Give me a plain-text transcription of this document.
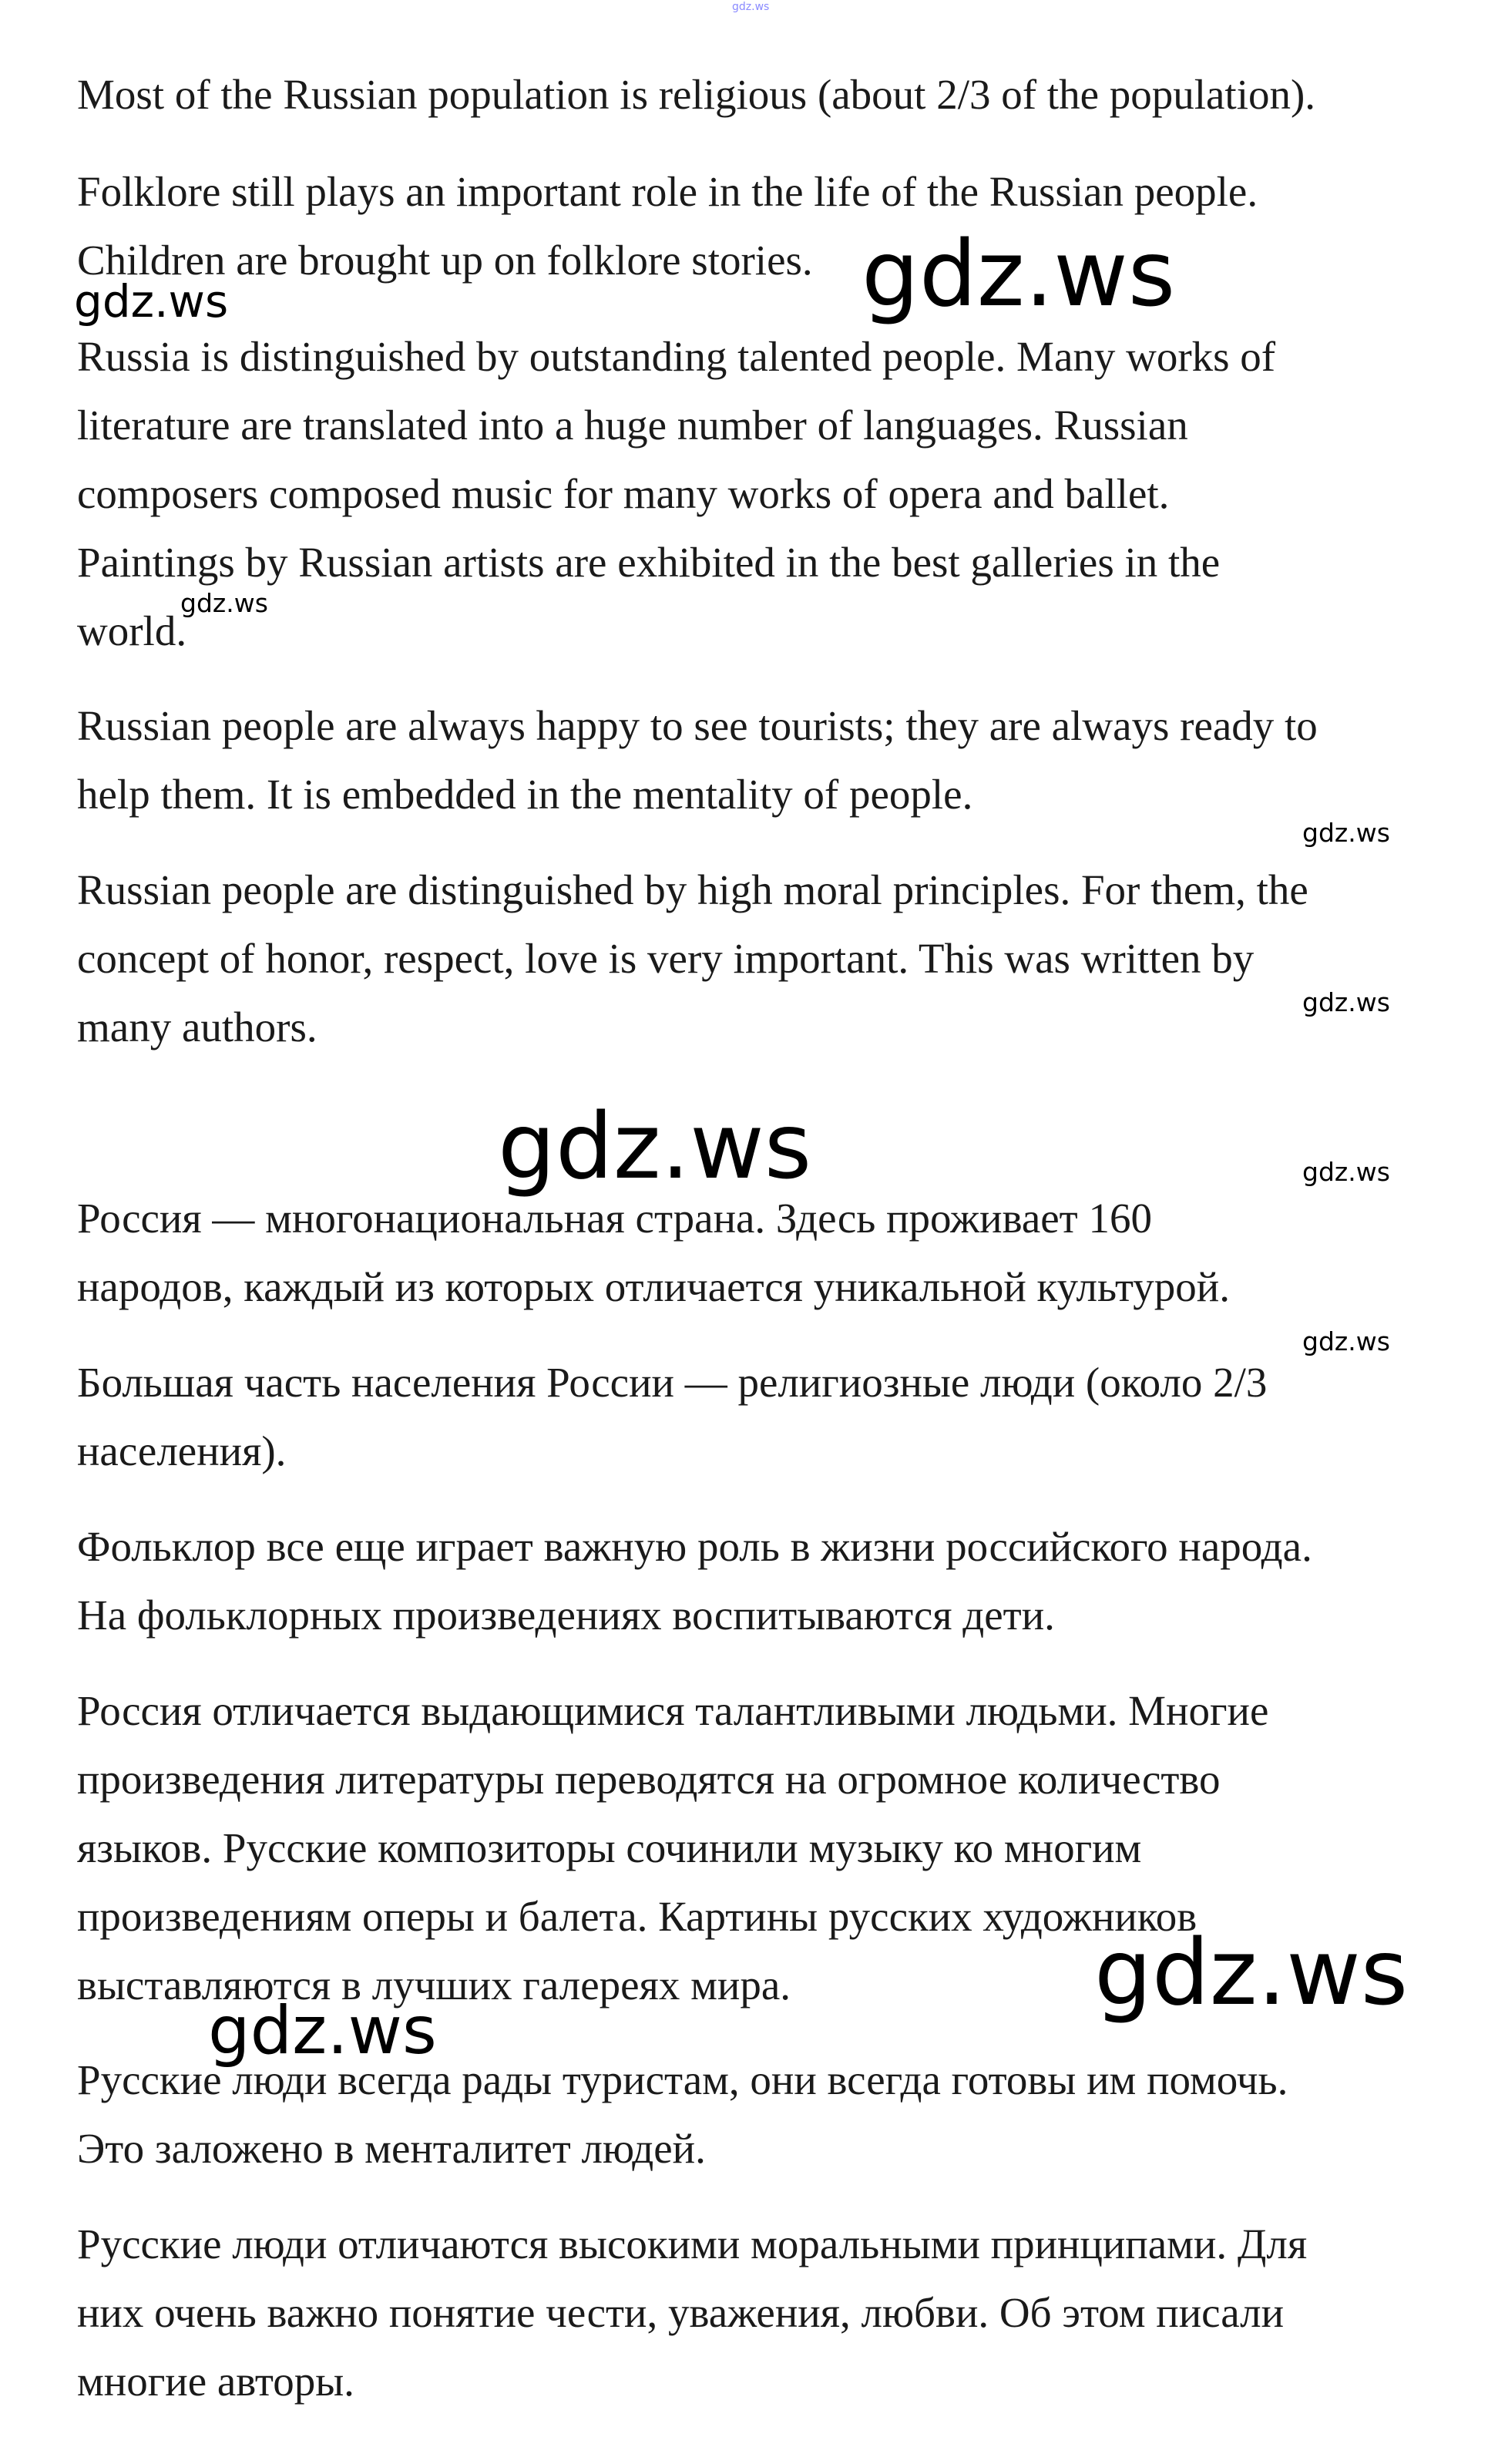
Most of the Russian population is religious (about 2/3 of the population).

Folklore still plays an important role in the life of the Russian people.
Children are brought up on folklore stories.

Russia is distinguished by outstanding talented people. Many works of
literature are translated into a huge number of languages. Russian
composers composed music for many works of opera and ballet.
Paintings by Russian artists are exhibited in the best galleries in the
world.

Russian people are always happy to see tourists; they are always ready to
help them. It is embedded in the mentality of people.

Russian people are distinguished by high moral principles. For them, the
concept of honor, respect, love is very important. This was written by
many authors.

Россия — многонациональная страна. Здесь проживает 160
народов, каждый из которых отличается уникальной культурой.

Большая часть населения России — религиозные люди (около 2/3
населения).

Фольклор все еще играет важную роль в жизни российского народа.
На фольклорных произведениях воспитываются дети.

Россия отличается выдающимися талантливыми людьми. Многие
произведения литературы переводятся на огромное количество
языков. Русские композиторы сочинили музыку ко многим
произведениям оперы и балета. Картины русских художников
выставляются в лучших галереях мира.

Русские люди всегда рады туристам, они всегда готовы им помочь.
Это заложено в менталитет людей.

Русские люди отличаются высокими моральными принципами. Для
них очень важно понятие чести, уважения, любви. Об этом писали
многие авторы.

gdz.ws
gdz.ws
gdz.ws
gdz.ws
gdz.ws
gdz.ws
gdz.ws	gdz.ws
gdz.ws
gdz.ws
gdz.ws
